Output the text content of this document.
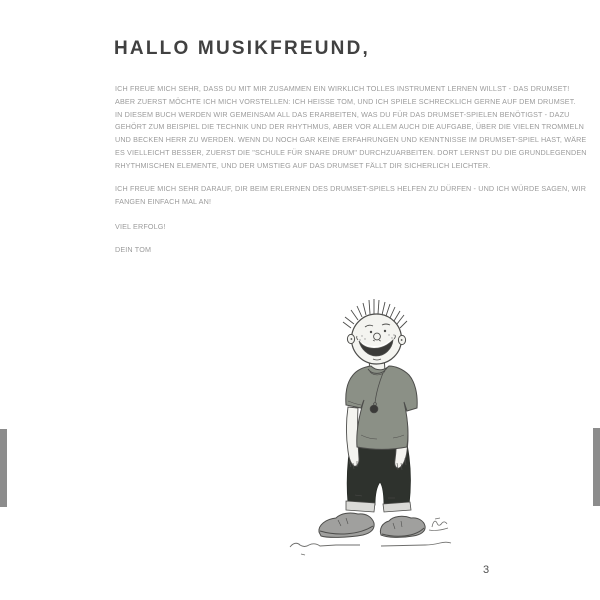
HALLO MUSIKFREUND,
ICH FREUE MICH SEHR, DASS DU MIT MIR ZUSAMMEN EIN WIRKLICH TOLLES INSTRUMENT LERNEN WILLST - DAS DRUMSET!
ABER ZUERST MÖCHTE ICH MICH VORSTELLEN: ICH HEISSE TOM, UND ICH SPIELE SCHRECKLICH GERNE AUF DEM DRUMSET.
IN DIESEM BUCH WERDEN WIR GEMEINSAM ALL DAS ERARBEITEN, WAS DU FÜR DAS DRUMSET-SPIELEN BENÖTIGST - DAZU
GEHÖRT ZUM BEISPIEL DIE TECHNIK UND DER RHYTHMUS, ABER VOR ALLEM AUCH DIE AUFGABE, ÜBER DIE VIELEN TROMMELN
UND BECKEN HERR ZU WERDEN. WENN DU NOCH GAR KEINE ERFAHRUNGEN UND KENNTNISSE IM DRUMSET-SPIEL HAST, WÄRE
ES VIELLEICHT BESSER, ZUERST DIE "SCHULE FÜR SNARE DRUM" DURCHZUARBEITEN. DORT LERNST DU DIE GRUNDLEGENDEN
RHYTHMISCHEN ELEMENTE, UND DER UMSTIEG AUF DAS DRUMSET FÄLLT DIR SICHERLICH LEICHTER.
ICH FREUE MICH SEHR DARAUF, DIR BEIM ERLERNEN DES DRUMSET-SPIELS HELFEN ZU DÜRFEN - UND ICH WÜRDE SAGEN, WIR
FANGEN EINFACH MAL AN!
VIEL ERFOLG!
DEIN TOM
3
